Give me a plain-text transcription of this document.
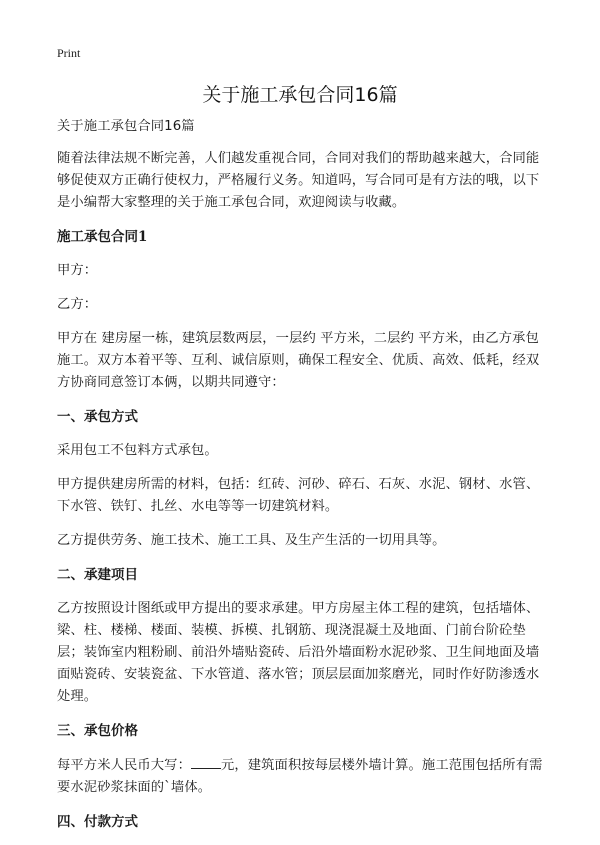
Print
关于施工承包合同16篇

关于施工承包合同16篇

随着法律法规不断完善，人们越发重视合同，合同对我们的帮助越来越大，合同能够促使双方正确行使权力，严格履行义务。知道吗，写合同可是有方法的哦，以下是小编帮大家整理的关于施工承包合同，欢迎阅读与收藏。

施工承包合同1

甲方：

乙方：

甲方在 建房屋一栋，建筑层数两层，一层约 平方米，二层约 平方米，由乙方承包施工。双方本着平等、互利、诚信原则，确保工程安全、优质、高效、低耗，经双方协商同意签订本俩，以期共同遵守：

一、承包方式

采用包工不包料方式承包。

甲方提供建房所需的材料，包括：红砖、河砂、碎石、石灰、水泥、钢材、水管、下水管、铁钉、扎丝、水电等等一切建筑材料。

乙方提供劳务、施工技术、施工工具、及生产生活的一切用具等。

二、承建项目

乙方按照设计图纸或甲方提出的要求承建。甲方房屋主体工程的建筑，包括墙体、梁、柱、楼梯、楼面、装模、拆模、扎钢筋、现浇混凝土及地面、门前台阶砼垫层；装饰室内粗粉刷、前沿外墙贴瓷砖、后沿外墙面粉水泥砂浆、卫生间地面及墙面贴瓷砖、安装瓷盆、下水管道、落水管；顶层层面加浆磨光，同时作好防渗透水处理。

三、承包价格

每平方米人民币大写： 元，建筑面积按每层楼外墙计算。施工范围包括所有需要水泥砂浆抹面的`墙体。

四、付款方式
